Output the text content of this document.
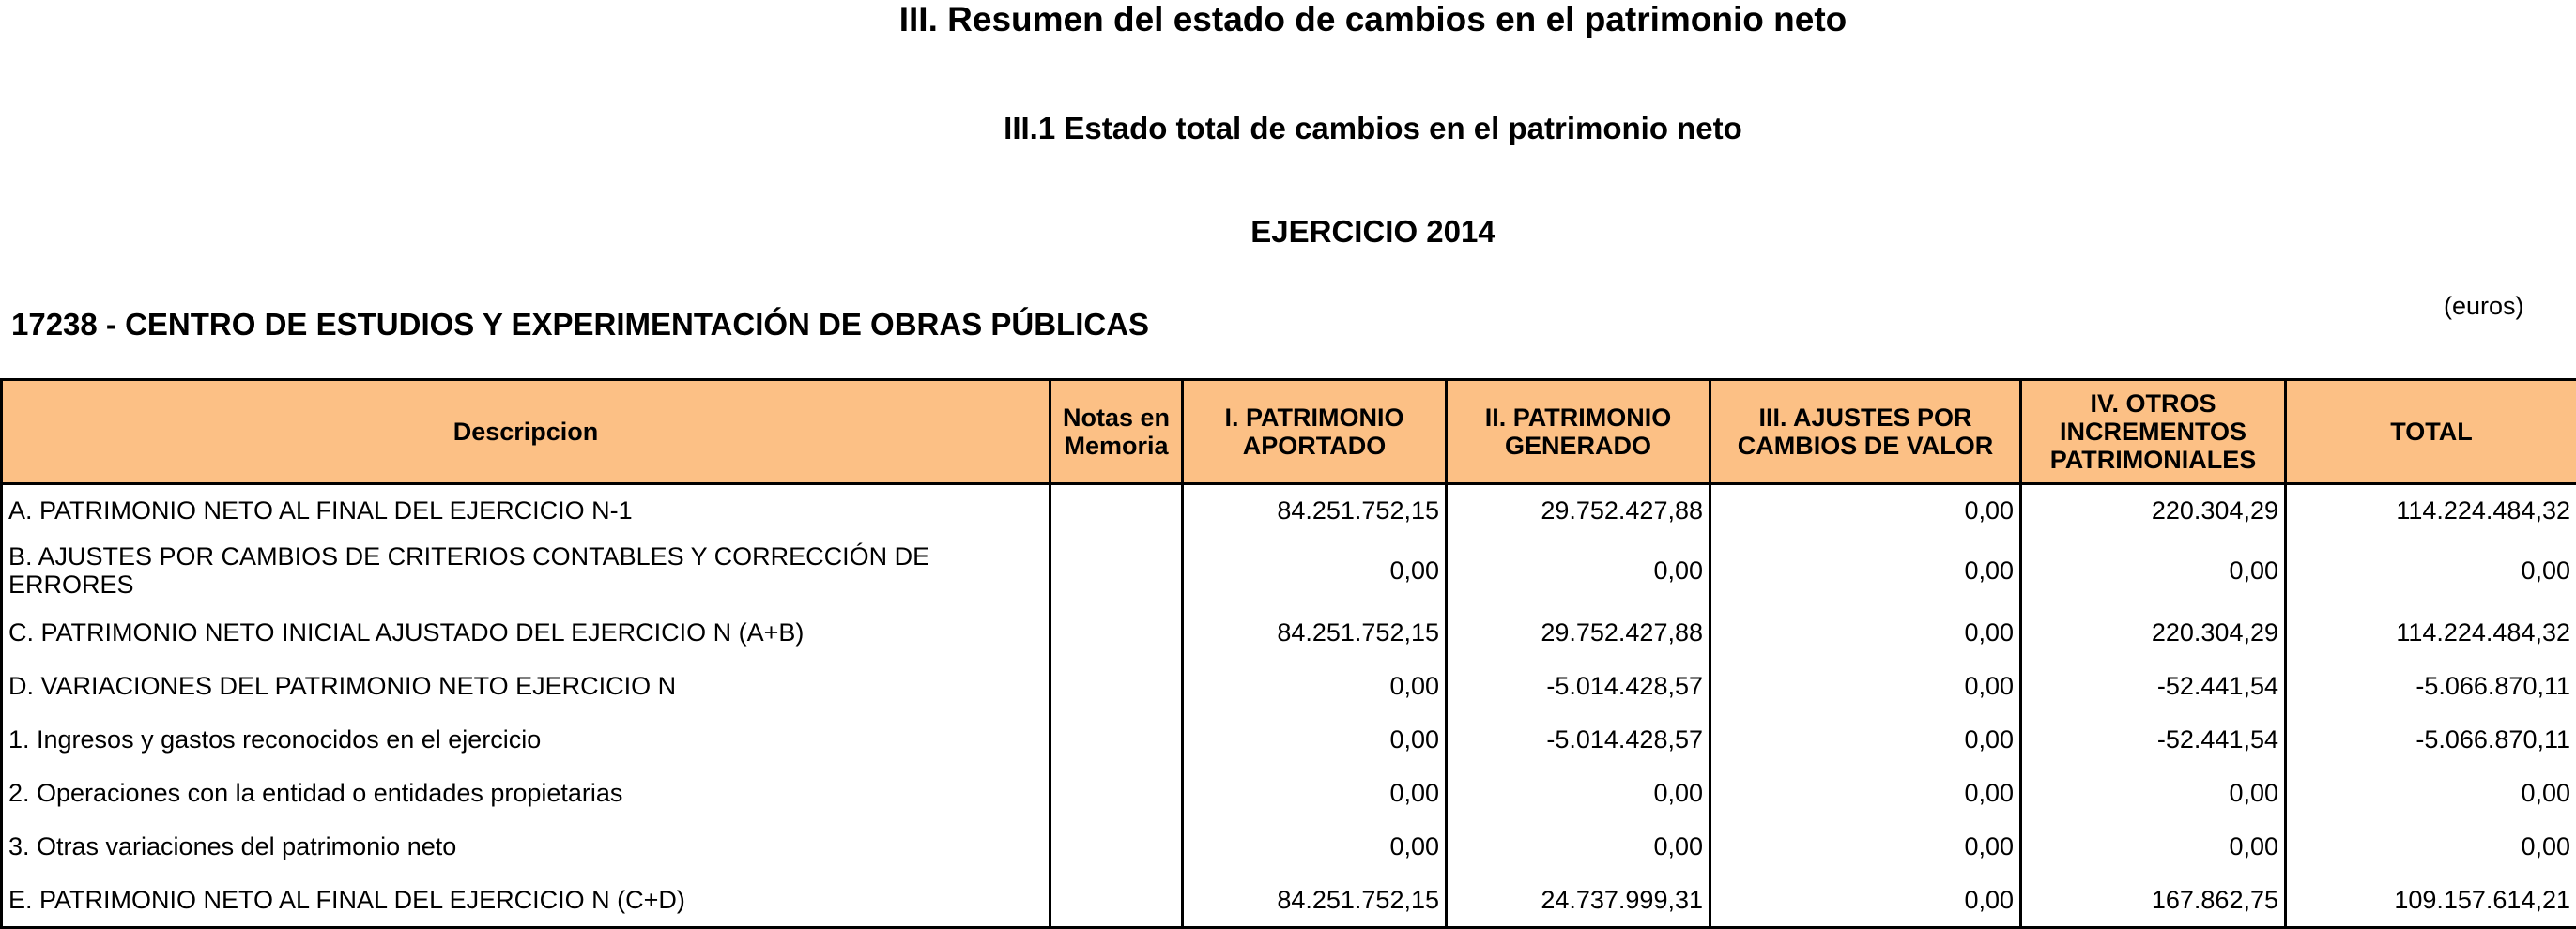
III. Resumen del estado de cambios en el patrimonio neto
III.1 Estado total de cambios en el patrimonio neto
EJERCICIO 2014
(euros)
17238 - CENTRO DE ESTUDIOS Y EXPERIMENTACIÓN DE OBRAS PÚBLICAS
Descripcion	Notas en Memoria	I. PATRIMONIO APORTADO	II. PATRIMONIO GENERADO	III. AJUSTES POR CAMBIOS DE VALOR	IV. OTROS INCREMENTOS PATRIMONIALES	TOTAL
A. PATRIMONIO NETO AL FINAL DEL EJERCICIO N-1		84.251.752,15	29.752.427,88	0,00	220.304,29	114.224.484,32
B. AJUSTES POR CAMBIOS DE CRITERIOS CONTABLES Y CORRECCIÓN DE ERRORES		0,00	0,00	0,00	0,00	0,00
C. PATRIMONIO NETO INICIAL AJUSTADO DEL EJERCICIO N (A+B)		84.251.752,15	29.752.427,88	0,00	220.304,29	114.224.484,32
D. VARIACIONES DEL PATRIMONIO NETO EJERCICIO N		0,00	-5.014.428,57	0,00	-52.441,54	-5.066.870,11
1. Ingresos y gastos reconocidos en el ejercicio		0,00	-5.014.428,57	0,00	-52.441,54	-5.066.870,11
2. Operaciones con la entidad o entidades propietarias		0,00	0,00	0,00	0,00	0,00
3. Otras variaciones del patrimonio neto		0,00	0,00	0,00	0,00	0,00
E. PATRIMONIO NETO AL FINAL DEL EJERCICIO N (C+D)		84.251.752,15	24.737.999,31	0,00	167.862,75	109.157.614,21
